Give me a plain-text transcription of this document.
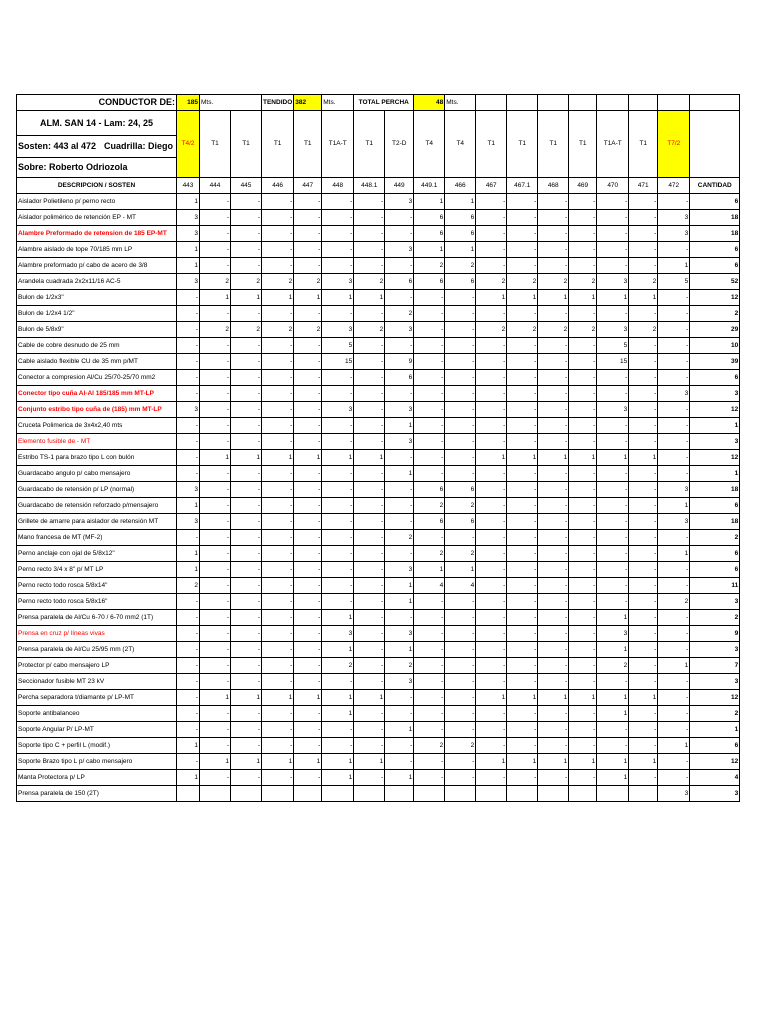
CONDUCTOR DE:	185	Mts.		TENDIDO	382	Mts.	TOTAL PERCHA		48	Mts.								

ALM. SAN 14 - Lam: 24, 25	T4/2	T1	T1	T1	T1	T1A-T	T1	T2-D	T4	T4	T1	T1	T1	T1	T1A-T	T1	T7/2	
Sosten: 443 al 472 Cuadrilla: Diego																		
Sobre: Roberto Odriozola																		
DESCRIPCION / SOSTEN	443	444	445	446	447	448	448.1	449	449.1	466	467	467.1	468	469	470	471	472	CANTIDAD
Aislador Polietileno p/ perno recto	1	-	-	-	-	-	-	3	1	1	-	-	-	-	-	-	-	6
Aislador polimérico de retención EP - MT	3	-	-	-	-	-	-	-	6	6	-	-	-	-	-	-	3	18
Alambre Preformado de retension de 185 EP-MT	3	-	-	-	-	-	-	-	6	6	-	-	-	-	-	-	3	18
Alambre aislado de tope 70/185 mm LP	1	-	-	-	-	-	-	3	1	1	-	-	-	-	-	-	-	6
Alambre preformado p/ cabo de acero de 3/8	1	-	-	-	-	-	-	-	2	2	-	-	-	-	-	-	1	6
Arandela cuadrada 2x2x11/16 AC-5	3	2	2	2	2	3	2	6	6	6	2	2	2	2	3	2	5	52
Bulon de 1/2x3"	-	1	1	1	1	1	1	-	-	-	1	1	1	1	1	1	-	12
Bulon de 1/2x4 1/2"	-	-	-	-	-	-	-	2	-	-	-	-	-	-	-	-	-	2
Bulon de 5/8x9"	-	2	2	2	2	3	2	3	-	-	2	2	2	2	3	2	-	29
Cable de cobre desnudo de 25 mm	-	-	-	-	-	5	-	-	-	-	-	-	-	-	5	-	-	10
Cable aislado flexible CU de 35 mm p/MT	-	-	-	-	-	15	-	9	-	-	-	-	-	-	15	-	-	39
Conector a compresion Al/Cu 25/70-25/70 mm2	-	-	-	-	-	-	-	6	-	-	-	-	-	-	-	-	-	6
Conector tipo cuña Al-Al 185/185 mm MT-LP	-	-	-	-	-	-	-	-	-	-	-	-	-	-	-	-	3	3
Conjunto estribo tipo cuña de (185) mm MT-LP	3	-	-	-	-	3	-	3	-	-	-	-	-	-	3	-	-	12
Cruceta Polimerica de 3x4x2,40 mts	-	-	-	-	-	-	-	1	-	-	-	-	-	-	-	-	-	1
Elemento fusible de - MT	-	-	-	-	-	-	-	3	-	-	-	-	-	-	-	-	-	3
Estribo TS-1 para brazo tipo L con bulón	-	1	1	1	1	1	1	-	-	-	1	1	1	1	1	1	-	12
Guardacabo angulo p/ cabo mensajero	-	-	-	-	-	-	-	1	-	-	-	-	-	-	-	-	-	1
Guardacabo de retensión p/ LP (normal)	3	-	-	-	-	-	-	-	6	6	-	-	-	-	-	-	3	18
Guardacabo de retensión reforzado p/mensajero	1	-	-	-	-	-	-	-	2	2	-	-	-	-	-	-	1	6
Grillete de amarre para aislador de retensión MT	3	-	-	-	-	-	-	-	6	6	-	-	-	-	-	-	3	18
Mano francesa de MT (MF-2)	-	-	-	-	-	-	-	2	-	-	-	-	-	-	-	-	-	2
Perno anclaje con ojal de 5/8x12"	1	-	-	-	-	-	-	-	2	2	-	-	-	-	-	-	1	6
Perno recto 3/4 x 8" p/ MT LP	1	-	-	-	-	-	-	3	1	1	-	-	-	-	-	-	-	6
Perno recto todo rosca 5/8x14"	2	-	-	-	-	-	-	1	4	4	-	-	-	-	-	-	-	11
Perno recto todo rosca 5/8x16"	-	-	-	-	-	-	-	1	-	-	-	-	-	-	-	-	2	3
Prensa paralela de Al/Cu 6-70 / 6-70 mm2 (1T)	-	-	-	-	-	1	-	-	-	-	-	-	-	-	1	-	-	2
Prensa en cruz p/ líneas vivas	-	-	-	-	-	3	-	3	-	-	-	-	-	-	3	-	-	9
Prensa paralela de Al/Cu 25/95 mm (2T)	-	-	-	-	-	1	-	1	-	-	-	-	-	-	1	-	-	3
Protector p/ cabo mensajero LP	-	-	-	-	-	2	-	2	-	-	-	-	-	-	2	-	1	7
Seccionador fusible MT 23 kV	-	-	-	-	-	-	-	3	-	-	-	-	-	-	-	-	-	3
Percha separadora t/diamante p/ LP-MT	-	1	1	1	1	1	1	-	-	-	1	1	1	1	1	1	-	12
Soporte antibalanceo	-	-	-	-	-	1	-	-	-	-	-	-	-	-	1	-	-	2
Soporte Angular P/ LP-MT	-	-	-	-	-	-	-	1	-	-	-	-	-	-	-	-	-	1
Soporte tipo C + perfil L (modif.)	1	-	-	-	-	-	-	-	2	2	-	-	-	-	-	-	1	6
Soporte Brazo tipo L p/ cabo mensajero	-	1	1	1	1	1	1	-	-	-	1	1	1	1	1	1	-	12
Manta Protectora p/ LP	1	-	-	-	-	1	-	1	-	-	-	-	-	-	1	-	-	4
Prensa paralela de 150 (2T)																	3	3
